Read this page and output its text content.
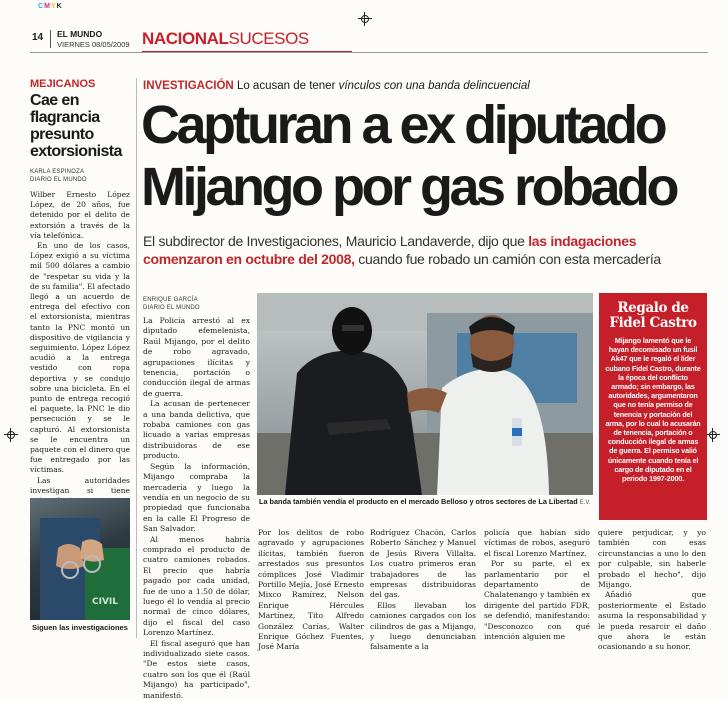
CMYK
14 EL MUNDO
VIERNES 08/05/2009 NACIONALSUCESOS
MEJICANOS
Cae en flagrancia presunto extorsionista
KARLA ESPINOZA
DIARIO EL MUNDO

Wilber Ernesto López López, de 20 años, fue detenido por el delito de extorsión a través de la vía telefónica.

En uno de los casos, López exigió a su víctima mil 500 dólares a cambio de "respetar su vida y la de su familia". El afectado llegó a un acuerdo de entrega del efectivo con el extorsionista, mientras tanto la PNC montó un dispositivo de vigilancia y seguimiento. López López acudió a la entrega vestido con ropa deportiva y se condujo sobre una bicicleta. En el punto de entrega recogió el paquete, la PNC le dio persecución y se le capturó. Al extorsionista se le encuentra un paquete con el dinero que fue entregado por las víctimas.

Las autoridades investigan si tiene

CIVIL
Siguen las investigaciones
INVESTIGACIÓN Lo acusan de tener vínculos con una banda delincuencial
Capturan a ex diputado
Mijango por gas robado
El subdirector de Investigaciones, Mauricio Landaverde, dijo que las indagaciones comenzaron en octubre del 2008, cuando fue robado un camión con esta mercadería
ENRIQUE GARCÍA
DIARIO EL MUNDO

La Policía arrestó al ex diputado efemelenista, Raúl Mijango, por el delito de robo agravado, agrupaciones ilícitas y tenencia, portación o conducción ilegal de armas de guerra.

La acusan de pertenecer a una banda delictiva, que robaba camiones con gas licuado a varias empresas distribuidoras de ese producto.

Según la información, Mijango compraba la mercadería y luego la vendía en un negocio de su propiedad que funcionaba en la calle El Progreso de San Salvador.

Al menos habría comprado el producto de cuatro camiones robados. El precio que habría pagado por cada unidad, fue de uno a 1.50 de dólar, luego él lo vendía al precio normal de cinco dólares, dijo el fiscal del caso Lorenzo Martínez.

El fiscal aseguró que han individualizado siete casos. "De estos siete casos, cuatro son los que él (Raúl Mijango) ha participado", manifestó.

La banda también vendía el producto en el mercado Belloso y otros sectores de La Libertad E.V.
Regalo de Fidel Castro
Mijango lamentó que le hayan decomisado un fusil Ak47 que le regaló el líder cubano Fidel Castro, durante la época del conflicto armado; sin embargo, las autoridades, argumentaron que no tenía permiso de tenencia y portación del arma, por lo cual lo acusarán de tenencia, portación o conducción ilegal de armas de guerra. El permiso valió únicamente cuando tenía el cargo de diputado en el periodo 1997-2000.

Por los delitos de robo agravado y agrupaciones ilícitas, también fueron arrestados sus presuntos cómplices José Vladimir Portillo Mejía, José Ernesto Mixco Ramírez, Nelson Enrique Hércules Martínez, Tito Alfredo González Carías, Walter Enrique Góchez Fuentes, José María

Rodríguez Chacón, Carlos Roberto Sánchez y Manuel de Jesús Rivera Villalta. Los cuatro primeros eran trabajadores de las empresas distribuidoras del gas.

Ellos llevaban los camiones cargados con los cilindros de gas a Mijango, y luego denunciaban falsamente a la

policía que habían sido víctimas de robos, aseguró el fiscal Lorenzo Martínez.

Por su parte, el ex parlamentario por el departamento de Chalatenango y también ex dirigente del partido FDR, se defendió, manifestando: "Desconozco con qué intención alguien me

quiere perjudicar, y yo también con esas circunstancias a uno lo den por culpable, sin haberle probado el hecho", dijo Mijango.

Añadió que posteriormente el Estado asuma la responsabilidad y le pueda resarcir el daño que ahora le están ocasionando a su honor.
